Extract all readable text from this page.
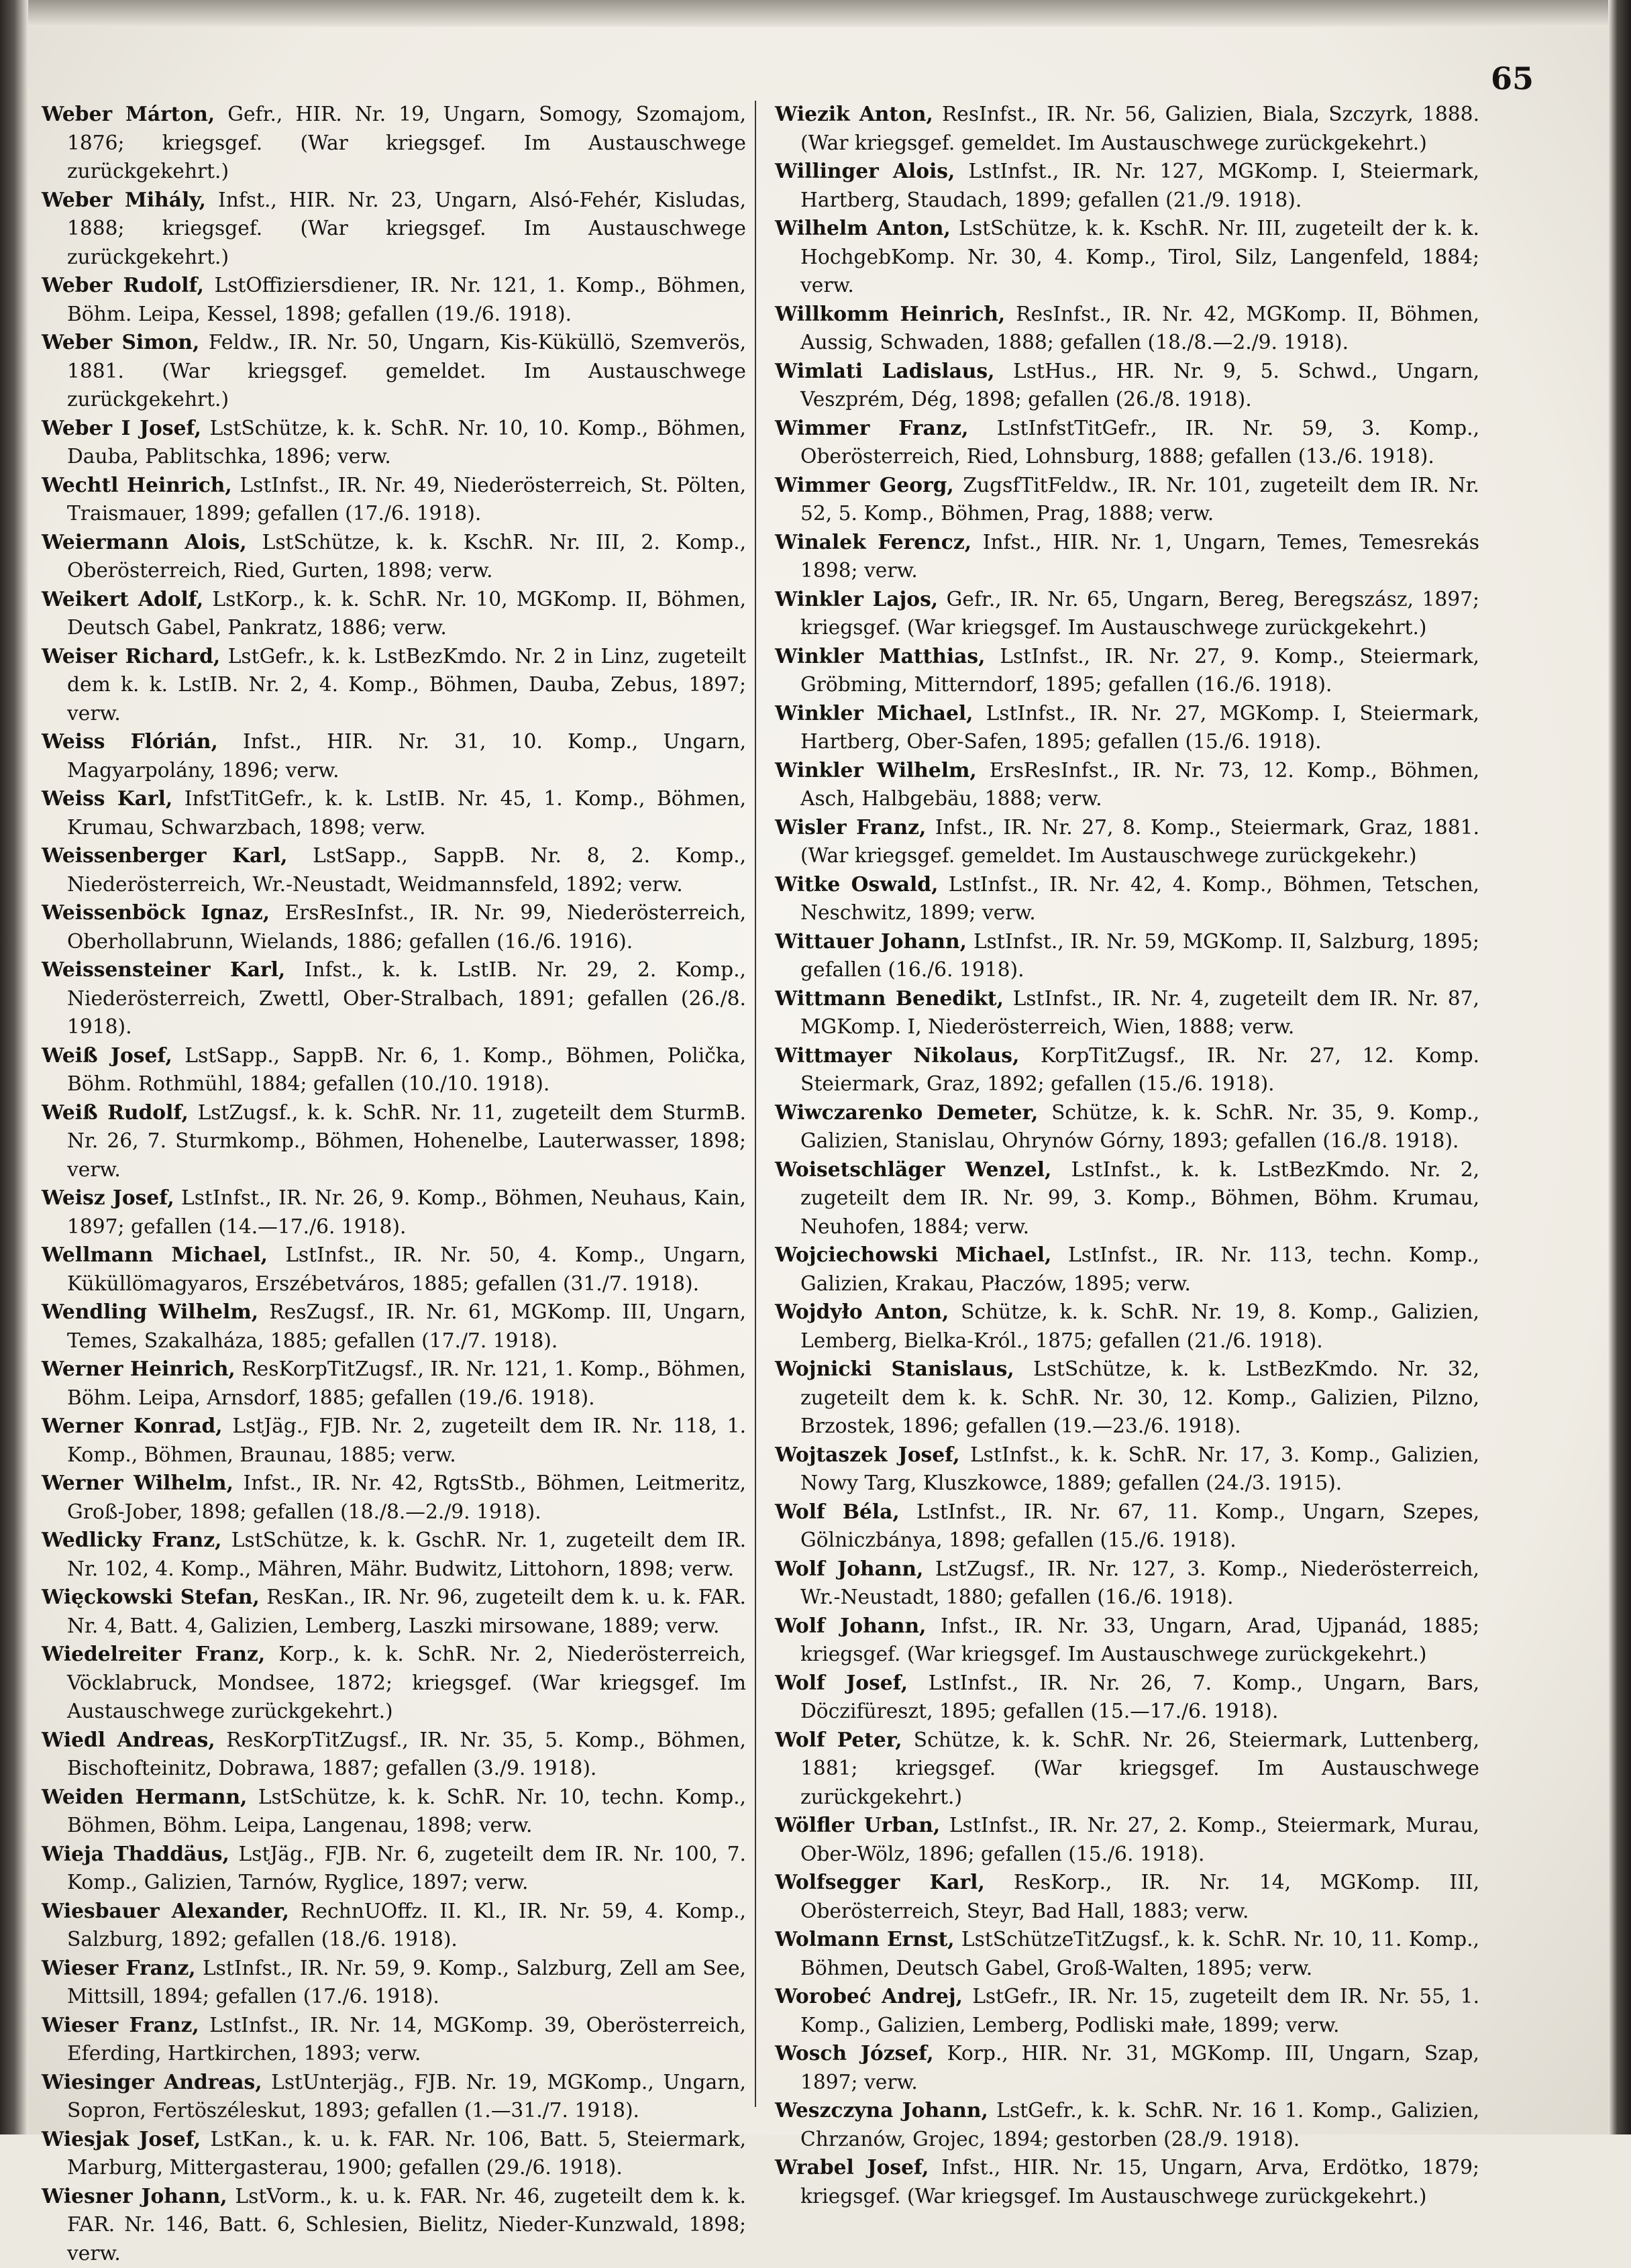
65

Weber Márton, Gefr., HIR. Nr. 19, Ungarn, Somogy, Szomajom, 1876; kriegsgef. (War kriegsgef. Im Austauschwege zurückgekehrt.)

Weber Mihály, Infst., HIR. Nr. 23, Ungarn, Alsó-Fehér, Kisludas, 1888; kriegsgef. (War kriegsgef. Im Austauschwege zurückgekehrt.)

Weber Rudolf, LstOffiziersdiener, IR. Nr. 121, 1. Komp., Böhmen, Böhm. Leipa, Kessel, 1898; gefallen (19./6. 1918).

Weber Simon, Feldw., IR. Nr. 50, Ungarn, Kis-Küküllö, Szemverös, 1881. (War kriegsgef. gemeldet. Im Austauschwege zurückgekehrt.)

Weber I Josef, LstSchütze, k. k. SchR. Nr. 10, 10. Komp., Böhmen, Dauba, Pablitschka, 1896; verw.

Wechtl Heinrich, LstInfst., IR. Nr. 49, Niederösterreich, St. Pölten, Traismauer, 1899; gefallen (17./6. 1918).

Weiermann Alois, LstSchütze, k. k. KschR. Nr. III, 2. Komp., Oberösterreich, Ried, Gurten, 1898; verw.

Weikert Adolf, LstKorp., k. k. SchR. Nr. 10, MGKomp. II, Böhmen, Deutsch Gabel, Pankratz, 1886; verw.

Weiser Richard, LstGefr., k. k. LstBezKmdo. Nr. 2 in Linz, zugeteilt dem k. k. LstIB. Nr. 2, 4. Komp., Böhmen, Dauba, Zebus, 1897; verw.

Weiss Flórián, Infst., HIR. Nr. 31, 10. Komp., Ungarn, Magyarpolány, 1896; verw.

Weiss Karl, InfstTitGefr., k. k. LstIB. Nr. 45, 1. Komp., Böhmen, Krumau, Schwarzbach, 1898; verw.

Weissenberger Karl, LstSapp., SappB. Nr. 8, 2. Komp., Niederösterreich, Wr.-Neustadt, Weidmannsfeld, 1892; verw.

Weissenböck Ignaz, ErsResInfst., IR. Nr. 99, Niederösterreich, Oberhollabrunn, Wielands, 1886; gefallen (16./6. 1916).

Weissensteiner Karl, Infst., k. k. LstIB. Nr. 29, 2. Komp., Niederösterreich, Zwettl, Ober-Stralbach, 1891; gefallen (26./8. 1918).

Weiß Josef, LstSapp., SappB. Nr. 6, 1. Komp., Böhmen, Polička, Böhm. Rothmühl, 1884; gefallen (10./10. 1918).

Weiß Rudolf, LstZugsf., k. k. SchR. Nr. 11, zugeteilt dem SturmB. Nr. 26, 7. Sturmkomp., Böhmen, Hohenelbe, Lauterwasser, 1898; verw.

Weisz Josef, LstInfst., IR. Nr. 26, 9. Komp., Böhmen, Neuhaus, Kain, 1897; gefallen (14.—17./6. 1918).

Wellmann Michael, LstInfst., IR. Nr. 50, 4. Komp., Ungarn, Küküllömagyaros, Erszébetváros, 1885; gefallen (31./7. 1918).

Wendling Wilhelm, ResZugsf., IR. Nr. 61, MGKomp. III, Ungarn, Temes, Szakalháza, 1885; gefallen (17./7. 1918).

Werner Heinrich, ResKorpTitZugsf., IR. Nr. 121, 1. Komp., Böhmen, Böhm. Leipa, Arnsdorf, 1885; gefallen (19./6. 1918).

Werner Konrad, LstJäg., FJB. Nr. 2, zugeteilt dem IR. Nr. 118, 1. Komp., Böhmen, Braunau, 1885; verw.

Werner Wilhelm, Infst., IR. Nr. 42, RgtsStb., Böhmen, Leitmeritz, Groß-Jober, 1898; gefallen (18./8.—2./9. 1918).

Wedlicky Franz, LstSchütze, k. k. GschR. Nr. 1, zugeteilt dem IR. Nr. 102, 4. Komp., Mähren, Mähr. Budwitz, Littohorn, 1898; verw.

Więckowski Stefan, ResKan., IR. Nr. 96, zugeteilt dem k. u. k. FAR. Nr. 4, Batt. 4, Galizien, Lemberg, Laszki mirsowane, 1889; verw.

Wiedelreiter Franz, Korp., k. k. SchR. Nr. 2, Niederösterreich, Vöcklabruck, Mondsee, 1872; kriegsgef. (War kriegsgef. Im Austauschwege zurückgekehrt.)

Wiedl Andreas, ResKorpTitZugsf., IR. Nr. 35, 5. Komp., Böhmen, Bischofteinitz, Dobrawa, 1887; gefallen (3./9. 1918).

Weiden Hermann, LstSchütze, k. k. SchR. Nr. 10, techn. Komp., Böhmen, Böhm. Leipa, Langenau, 1898; verw.

Wieja Thaddäus, LstJäg., FJB. Nr. 6, zugeteilt dem IR. Nr. 100, 7. Komp., Galizien, Tarnów, Ryglice, 1897; verw.

Wiesbauer Alexander, RechnUOffz. II. Kl., IR. Nr. 59, 4. Komp., Salzburg, 1892; gefallen (18./6. 1918).

Wieser Franz, LstInfst., IR. Nr. 59, 9. Komp., Salzburg, Zell am See, Mittsill, 1894; gefallen (17./6. 1918).

Wieser Franz, LstInfst., IR. Nr. 14, MGKomp. 39, Oberösterreich, Eferding, Hartkirchen, 1893; verw.

Wiesinger Andreas, LstUnterjäg., FJB. Nr. 19, MGKomp., Ungarn, Sopron, Fertöszéleskut, 1893; gefallen (1.—31./7. 1918).

Wiesjak Josef, LstKan., k. u. k. FAR. Nr. 106, Batt. 5, Steiermark, Marburg, Mittergasterau, 1900; gefallen (29./6. 1918).

Wiesner Johann, LstVorm., k. u. k. FAR. Nr. 46, zugeteilt dem k. k. FAR. Nr. 146, Batt. 6, Schlesien, Bielitz, Nieder-Kunzwald, 1898; verw.

Wiezik Anton, ResInfst., IR. Nr. 56, Galizien, Biala, Szczyrk, 1888. (War kriegsgef. gemeldet. Im Austauschwege zurückgekehrt.)

Willinger Alois, LstInfst., IR. Nr. 127, MGKomp. I, Steiermark, Hartberg, Staudach, 1899; gefallen (21./9. 1918).

Wilhelm Anton, LstSchütze, k. k. KschR. Nr. III, zugeteilt der k. k. HochgebKomp. Nr. 30, 4. Komp., Tirol, Silz, Langenfeld, 1884; verw.

Willkomm Heinrich, ResInfst., IR. Nr. 42, MGKomp. II, Böhmen, Aussig, Schwaden, 1888; gefallen (18./8.—2./9. 1918).

Wimlati Ladislaus, LstHus., HR. Nr. 9, 5. Schwd., Ungarn, Veszprém, Dég, 1898; gefallen (26./8. 1918).

Wimmer Franz, LstInfstTitGefr., IR. Nr. 59, 3. Komp., Oberösterreich, Ried, Lohnsburg, 1888; gefallen (13./6. 1918).

Wimmer Georg, ZugsfTitFeldw., IR. Nr. 101, zugeteilt dem IR. Nr. 52, 5. Komp., Böhmen, Prag, 1888; verw.

Winalek Ferencz, Infst., HIR. Nr. 1, Ungarn, Temes, Temesrekás 1898; verw.

Winkler Lajos, Gefr., IR. Nr. 65, Ungarn, Bereg, Beregszász, 1897; kriegsgef. (War kriegsgef. Im Austauschwege zurückgekehrt.)

Winkler Matthias, LstInfst., IR. Nr. 27, 9. Komp., Steiermark, Gröbming, Mitterndorf, 1895; gefallen (16./6. 1918).

Winkler Michael, LstInfst., IR. Nr. 27, MGKomp. I, Steiermark, Hartberg, Ober-Safen, 1895; gefallen (15./6. 1918).

Winkler Wilhelm, ErsResInfst., IR. Nr. 73, 12. Komp., Böhmen, Asch, Halbgebäu, 1888; verw.

Wisler Franz, Infst., IR. Nr. 27, 8. Komp., Steiermark, Graz, 1881. (War kriegsgef. gemeldet. Im Austauschwege zurückgekehr.)

Witke Oswald, LstInfst., IR. Nr. 42, 4. Komp., Böhmen, Tetschen, Neschwitz, 1899; verw.

Wittauer Johann, LstInfst., IR. Nr. 59, MGKomp. II, Salzburg, 1895; gefallen (16./6. 1918).

Wittmann Benedikt, LstInfst., IR. Nr. 4, zugeteilt dem IR. Nr. 87, MGKomp. I, Niederösterreich, Wien, 1888; verw.

Wittmayer Nikolaus, KorpTitZugsf., IR. Nr. 27, 12. Komp. Steiermark, Graz, 1892; gefallen (15./6. 1918).

Wiwczarenko Demeter, Schütze, k. k. SchR. Nr. 35, 9. Komp., Galizien, Stanislau, Ohrynów Górny, 1893; gefallen (16./8. 1918).

Woisetschläger Wenzel, LstInfst., k. k. LstBezKmdo. Nr. 2, zugeteilt dem IR. Nr. 99, 3. Komp., Böhmen, Böhm. Krumau, Neuhofen, 1884; verw.

Wojciechowski Michael, LstInfst., IR. Nr. 113, techn. Komp., Galizien, Krakau, Płaczów, 1895; verw.

Wojdyło Anton, Schütze, k. k. SchR. Nr. 19, 8. Komp., Galizien, Lemberg, Bielka-Król., 1875; gefallen (21./6. 1918).

Wojnicki Stanislaus, LstSchütze, k. k. LstBezKmdo. Nr. 32, zugeteilt dem k. k. SchR. Nr. 30, 12. Komp., Galizien, Pilzno, Brzostek, 1896; gefallen (19.—23./6. 1918).

Wojtaszek Josef, LstInfst., k. k. SchR. Nr. 17, 3. Komp., Galizien, Nowy Targ, Kluszkowce, 1889; gefallen (24./3. 1915).

Wolf Béla, LstInfst., IR. Nr. 67, 11. Komp., Ungarn, Szepes, Gölniczbánya, 1898; gefallen (15./6. 1918).

Wolf Johann, LstZugsf., IR. Nr. 127, 3. Komp., Niederösterreich, Wr.-Neustadt, 1880; gefallen (16./6. 1918).

Wolf Johann, Infst., IR. Nr. 33, Ungarn, Arad, Ujpanád, 1885; kriegsgef. (War kriegsgef. Im Austauschwege zurückgekehrt.)

Wolf Josef, LstInfst., IR. Nr. 26, 7. Komp., Ungarn, Bars, Döczifüreszt, 1895; gefallen (15.—17./6. 1918).

Wolf Peter, Schütze, k. k. SchR. Nr. 26, Steiermark, Luttenberg, 1881; kriegsgef. (War kriegsgef. Im Austauschwege zurückgekehrt.)

Wölfler Urban, LstInfst., IR. Nr. 27, 2. Komp., Steiermark, Murau, Ober-Wölz, 1896; gefallen (15./6. 1918).

Wolfsegger Karl, ResKorp., IR. Nr. 14, MGKomp. III, Oberösterreich, Steyr, Bad Hall, 1883; verw.

Wolmann Ernst, LstSchützeTitZugsf., k. k. SchR. Nr. 10, 11. Komp., Böhmen, Deutsch Gabel, Groß-Walten, 1895; verw.

Worobeć Andrej, LstGefr., IR. Nr. 15, zugeteilt dem IR. Nr. 55, 1. Komp., Galizien, Lemberg, Podliski małe, 1899; verw.

Wosch József, Korp., HIR. Nr. 31, MGKomp. III, Ungarn, Szap, 1897; verw.

Weszczyna Johann, LstGefr., k. k. SchR. Nr. 16 1. Komp., Galizien, Chrzanów, Grojec, 1894; gestorben (28./9. 1918).

Wrabel Josef, Infst., HIR. Nr. 15, Ungarn, Arva, Erdötko, 1879; kriegsgef. (War kriegsgef. Im Austauschwege zurückgekehrt.)
